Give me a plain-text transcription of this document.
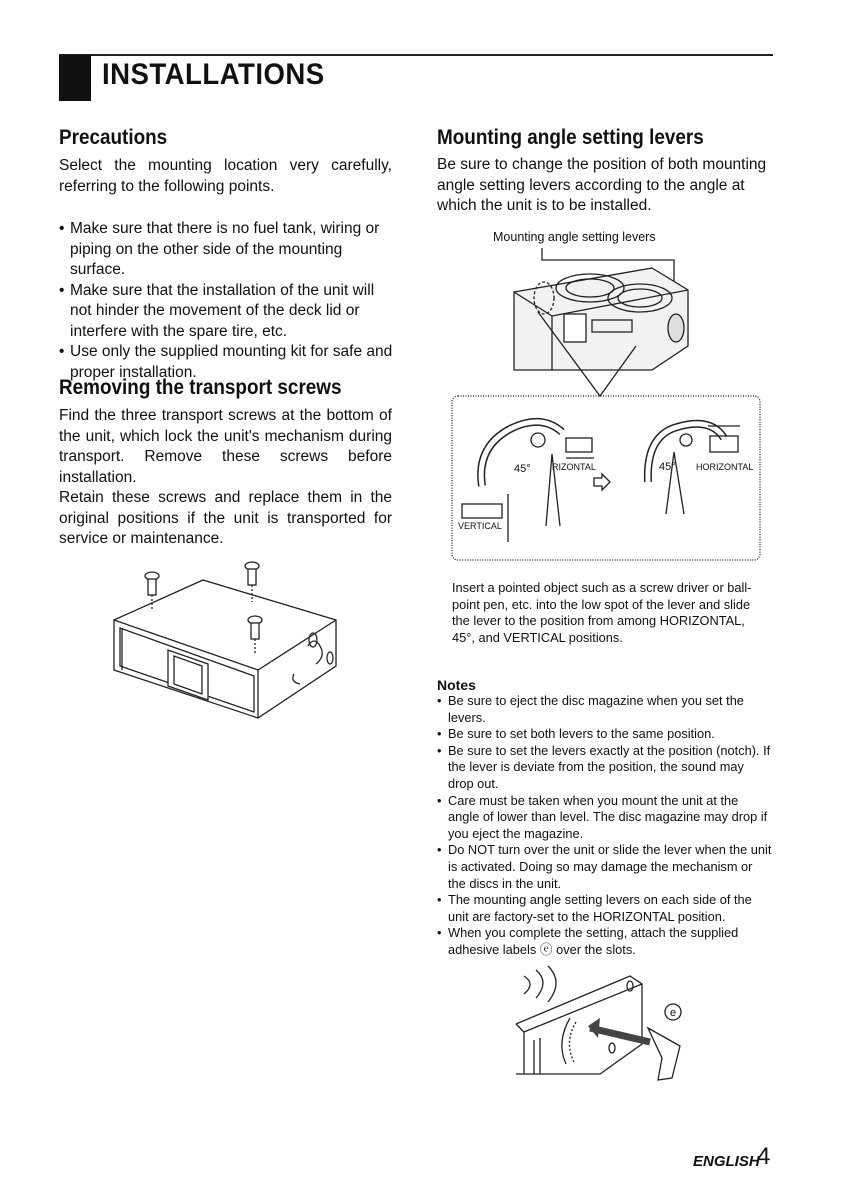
INSTALLATIONS
Precautions

Select the mounting location very carefully, referring to the following points.

• Make sure that there is no fuel tank, wiring or piping on the other side of the mounting surface.
• Make sure that the installation of the unit will not hinder the movement of the deck lid or interfere with the spare tire, etc.
• Use only the supplied mounting kit for safe and proper installation.
Removing the transport screws

Find the three transport screws at the bottom of the unit, which lock the unit's mechanism during transport. Remove these screws before installation.

Retain these screws and replace them in the original positions if the unit is transported for service or maintenance.

Mounting angle setting levers

Be sure to change the position of both mounting angle setting levers according to the angle at which the unit is to be installed.

Mounting angle setting levers

45° RIZONTAL	45° HORIZONTAL
VERTICAL

Insert a pointed object such as a screw driver or ball-point pen, etc. into the low spot of the lever and slide the lever to the position from among HORIZONTAL, 45°, and VERTICAL positions.

Notes

• Be sure to eject the disc magazine when you set the levers.
• Be sure to set both levers to the same position.
• Be sure to set the levers exactly at the position (notch). If the lever is deviate from the position, the sound may drop out.
• Care must be taken when you mount the unit at the angle of lower than level. The disc magazine may drop if you eject the magazine.
• Do NOT turn over the unit or slide the lever when the unit is activated. Doing so may damage the mechanism or the discs in the unit.
• The mounting angle setting levers on each side of the unit are factory-set to the HORIZONTAL position.
• When you complete the setting, attach the supplied adhesive labels ⓔ over the slots.
e
ENGLISH
4
